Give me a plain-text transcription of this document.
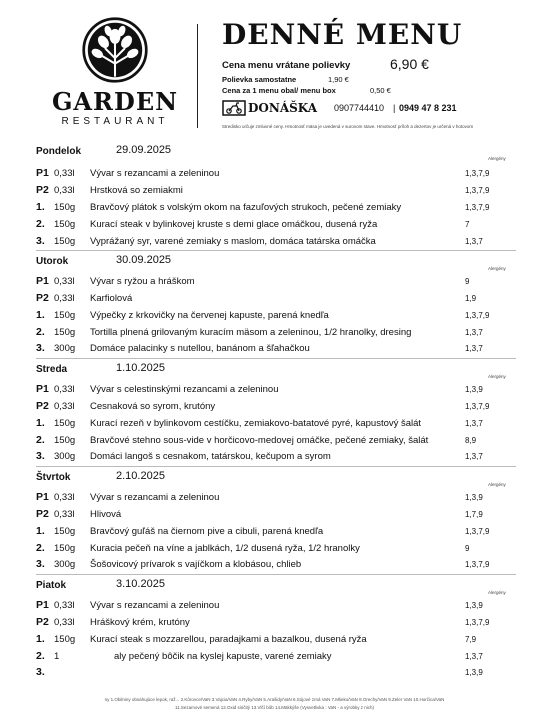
GARDEN
RESTAURANT
DENNÉ MENU
Cena menu vrátane polievky	6,90 €
Polievka samostatne	1,90 €
Cena za 1 menu obal/ menu box	0,50 €
DONÁŠKA 0907744410 | 0949 47 8 231
Stredisko určuje zmluvné ceny. Hmotnosť mäsa je uvedená v surovom stave. Hmotnosť príloh a dezertov je určená v hotovom
Pondelok	29.09.2025
Alergény
P1 0,33l Vývar s rezancami a zeleninou	1,3,7,9
P2 0,33l Hrstková so zemiakmi	1,3,7,9
1. 150g Bravčový plátok s volským okom na fazuľových strukoch, pečené zemiaky	1,3,7,9
2. 150g Kurací steak v bylinkovej kruste s demi glace omáčkou, dusená ryža	7
3. 150g Vyprážaný syr, varené zemiaky s maslom, domáca tatárska omáčka	1,3,7
Utorok	30.09.2025
Alergény
P1 0,33l Vývar s ryžou a hráškom	9
P2 0,33l Karfiolová	1,9
1. 150g Výpečky z krkovičky na červenej kapuste, parená knedľa	1,3,7,9
2. 150g Tortilla plnená grilovaným kuracím mäsom a zeleninou, 1/2 hranolky, dresing	1,3,7
3. 300g Domáce palacinky s nutellou, banánom a šľahačkou	1,3,7
Streda	1.10.2025
Alergény
P1 0,33l Vývar s celestinskými rezancami a zeleninou	1,3,9
P2 0,33l Cesnaková so syrom, krutóny	1,3,7,9
1. 150g Kurací rezeň v bylinkovom cestíčku, zemiakovo-batatové pyré, kapustový šalát	1,3,7
2. 150g Bravčové stehno sous-vide v horčicovo-medovej omáčke, pečené zemiaky, šalát	8,9
3. 300g Domáci langoš s cesnakom, tatárskou, kečupom a syrom	1,3,7
Štvrtok	2.10.2025
Alergény
P1 0,33l Vývar s rezancami a zeleninou	1,3,9
P2 0,33l Hlivová	1,7,9
1. 150g Bravčový guľáš na čiernom pive a cibuli, parená knedľa	1,3,7,9
2. 150g Kuracia pečeň na víne a jablkách, 1/2 dusená ryža, 1/2 hranolky	9
3. 300g Šošovicový prívarok s vajíčkom a klobásou, chlieb	1,3,7,9
Piatok	3.10.2025
Alergény
P1 0,33l Vývar s rezancami a zeleninou	1,3,9
P2 0,33l Hráškový krém, krutóny	1,3,7,9
1. 150g Kurací steak s mozzarellou, paradajkami a bazalkou, dusená ryža	7,9
2. 1	aly pečený bôčik na kyslej kapuste, varené zemiaky	1,3,7
3.	1,3,9
ny 1.Obilniny obsahujúce lepok, raž... 2.Kôrovce/VaN 3.Vajcia/VaN 4.Ryby/VaN 5.Arašidy/VaN 6.Sójové zrná VaN 7.Mlieko/VaN 8.Orechy/VaN 9.Zeler VaN 10.Horčica/VaN
11.Sezamové semená 12.Oxid siričitý 13.Vlčí bôb 14.Mäkkýše (Vysvetlivka : VaN - a výrobky z nich)
